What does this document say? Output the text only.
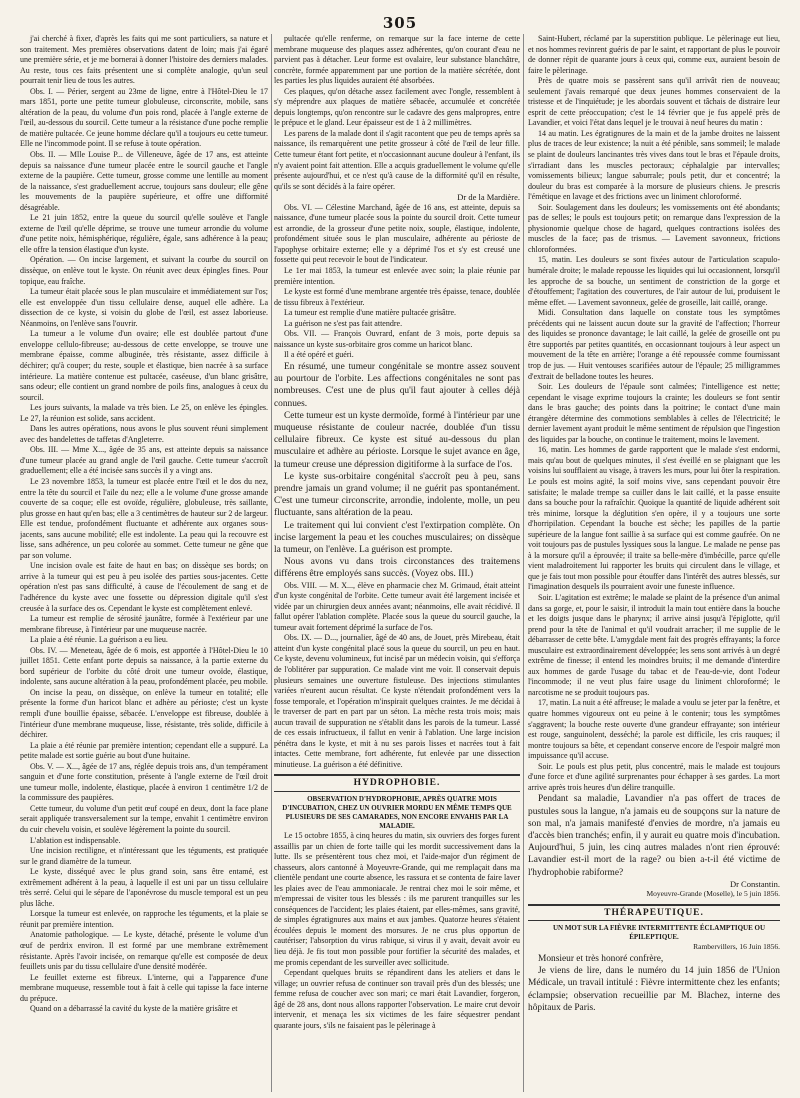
305

j'ai cherché à fixer, d'après les faits qui me sont particuliers, sa nature et son traitement. Mes premières observations datent de loin; mais j'ai égaré une première série, et je me bornerai à donner l'histoire des derniers malades. Au reste, tous ces faits présentent une si complète analogie, qu'un seul pourrait tenir lieu de tous les autres.

Obs. I. — Périer, sergent au 23me de ligne, entre à l'Hôtel-Dieu le 17 mars 1851, porte une petite tumeur globuleuse, circonscrite, mobile, sans altération de la peau, du volume d'un pois rond, placée à l'angle externe de l'œil, au-dessous du sourcil. Cette tumeur a la résistance d'une poche remplie de matière pultacée. Ce jeune homme déclare qu'il a toujours eu cette tumeur. Elle ne l'incommode point. Il se refuse à toute opération.

Obs. II. — Mlle Louise P... de Villeneuve, âgée de 17 ans, est atteinte depuis sa naissance d'une tumeur placée entre le sourcil gauche et l'angle externe de la paupière. Cette tumeur, grosse comme une lentille au moment de la naissance, s'est graduellement accrue, toujours sans douleur; elle gêne les mouvements de la paupière supérieure, et offre une difformité désagréable.

Le 21 juin 1852, entre la queue du sourcil qu'elle soulève et l'angle externe de l'œil qu'elle déprime, se trouve une tumeur arrondie du volume d'une petite noix, hémisphérique, régulière, égale, sans adhérence à la peau; elle offre la tension élastique d'un kyste.

Opération. — On incise largement, et suivant la courbe du sourcil on dissèque, on enlève tout le kyste. On réunit avec deux épingles fines. Pour topique, eau fraîche.

La tumeur était placée sous le plan musculaire et immédiatement sur l'os; elle est enveloppée d'un tissu cellulaire dense, auquel elle adhère. La dissection de ce kyste, si voisin du globe de l'œil, est assez laborieuse. Néanmoins, on l'enlève sans l'ouvrir.

La tumeur a le volume d'un ovaire; elle est doublée partout d'une enveloppe cellulo-fibreuse; au-dessous de cette enveloppe, se trouve une membrane épaisse, comme albuginée, très résistante, assez difficile à déchirer; qu'à couper; du reste, souple et élastique, bien nacrée à sa surface intérieure. La matière contenue est pultacée, caséeuse, d'un blanc grisâtre, sans odeur; elle contient un grand nombre de poils fins, analogues à ceux du sourcil.

Les jours suivants, la malade va très bien. Le 25, on enlève les épingles. Le 27, la réunion est solide, sans accident.

Dans les autres opérations, nous avons le plus souvent réuni simplement avec des bandelettes de taffetas d'Angleterre.

Obs. III. — Mme X..., âgée de 35 ans, est atteinte depuis sa naissance d'une tumeur placée au grand angle de l'œil gauche. Cette tumeur s'accroît graduellement; elle a été incisée sans succès il y a vingt ans.

Le 23 novembre 1853, la tumeur est placée entre l'œil et le dos du nez, entre la tête du sourcil et l'aile du nez; elle a le volume d'une grosse amande couverte de sa coque; elle est ovoïde, régulière, globuleuse, très saillante, plus grosse en haut qu'en bas; elle a 3 centimètres de hauteur sur 2 de largeur. Elle est tendue, profondément fluctuante et adhérente aux organes sous-jacents, sans aucune mobilité; elle est indolente. La peau qui la recouvre est lisse, sans adhérence, un peu colorée au sommet. Cette tumeur ne gêne que par son volume.

Une incision ovale est faite de haut en bas; on dissèque ses bords; on arrive à la tumeur qui est peu à peu isolée des parties sous-jacentes. Cette opération n'est pas sans difficulté, à cause de l'écoulement de sang et de l'adhérence du kyste avec une fossette ou dépression digitale qu'il s'est creusée à la surface des os. Cependant le kyste est complètement enlevé.

La tumeur est remplie de sérosité jaunâtre, formée à l'extérieur par une membrane fibreuse, à l'intérieur par une muqueuse nacrée.

La plaie a été réunie. La guérison a eu lieu.

Obs. IV. — Meneteau, âgée de 6 mois, est apportée à l'Hôtel-Dieu le 10 juillet 1851. Cette enfant porte depuis sa naissance, à la partie externe du bord supérieur de l'orbite du côté droit une tumeur ovoïde, élastique, indolente, sans aucune altération à la peau, profondément placée, peu mobile.

On incise la peau, on dissèque, on enlève la tumeur en totalité; elle présente la forme d'un haricot blanc et adhère au périoste; c'est un kyste rempli d'une bouillie épaisse, sébacée. L'enveloppe est fibreuse, doublée à l'intérieur d'une membrane muqueuse, lisse, résistante, très solide, difficile à déchirer.

La plaie a été réunie par première intention; cependant elle a suppuré. La petite malade est sortie guérie au bout d'une huitaine.

Obs. V. — X..., âgée de 17 ans, réglée depuis trois ans, d'un tempérament sanguin et d'une forte constitution, présente à l'angle externe de l'œil droit une tumeur molle, indolente, élastique, placée à environ 1 centimètre 1/2 de la commissure des paupières.

Cette tumeur, du volume d'un petit œuf coupé en deux, dont la face plane serait appliquée transversalement sur la tempe, envahit 1 centimètre environ du cuir chevelu voisin, et soulève légèrement la pointe du sourcil.

L'ablation est indispensable.

Une incision rectiligne, et n'intéressant que les téguments, est pratiquée sur le grand diamètre de la tumeur.

Le kyste, disséqué avec le plus grand soin, sans être entamé, est extrêmement adhérent à la peau, à laquelle il est uni par un tissu cellulaire très serré. Celui qui le sépare de l'aponévrose du muscle temporal est un peu plus lâche.

Lorsque la tumeur est enlevée, on rapproche les téguments, et la plaie se réunit par première intention.

Anatomie pathologique. — Le kyste, détaché, présente le volume d'un œuf de perdrix environ. Il est formé par une membrane extrêmement résistante. Après l'avoir incisée, on remarque qu'elle est composée de deux feuillets unis par du tissu cellulaire d'une densité modérée.

Le feuillet externe est fibreux. L'interne, qui a l'apparence d'une membrane muqueuse, ressemble tout à fait à celle qui tapisse la face interne du prépuce.

Quand on a débarrassé la cavité du kyste de la matière grisâtre et

pultacée qu'elle renferme, on remarque sur la face interne de cette membrane muqueuse des plaques assez adhérentes, qu'on courant d'eau ne parvient pas à détacher. Leur forme est ovalaire, leur substance blanchâtre, concrète, formée apparemment par une portion de la matière sécrétée, dont les parties les plus liquides auraient été absorbées.

Ces plaques, qu'on détache assez facilement avec l'ongle, ressemblent à s'y méprendre aux plaques de matière sébacée, accumulée et concrétée depuis longtemps, qu'on rencontre sur le cadavre des gens malpropres, entre le prépuce et le gland. Leur épaisseur est de 1 à 2 millimètres.

Les parens de la malade dont il s'agit racontent que peu de temps après sa naissance, ils remarquèrent une petite grosseur à côté de l'œil de leur fille. Cette tumeur étant fort petite, et n'occasionnant aucune douleur à l'enfant, ils n'y avaient point fait attention. Elle a acquis graduellement le volume qu'elle présente aujourd'hui, et ce n'est qu'à cause de la difformité qu'il en résulte, qu'ils se sont décidés à la faire opérer.

Dr de la Mardière.

Obs. VI. — Célestine Marchand, âgée de 16 ans, est atteinte, depuis sa naissance, d'une tumeur placée sous la pointe du sourcil droit. Cette tumeur est arrondie, de la grosseur d'une petite noix, souple, élastique, indolente, profondément située sous le plan musculaire, adhérente au périoste de l'apophyse orbitaire externe; elle y a déprimé l'os et s'y est creusé une fossette qui peut recevoir le bout de l'indicateur.

Le 1er mai 1853, la tumeur est enlevée avec soin; la plaie réunie par première intention.

Le kyste est formé d'une membrane argentée très épaisse, tenace, doublée de tissu fibreux à l'extérieur.

La tumeur est remplie d'une matière pultacée grisâtre.

La guérison ne s'est pas fait attendre.

Obs. VII. — François Ouvrard, enfant de 3 mois, porte depuis sa naissance un kyste sus-orbitaire gros comme un haricot blanc.

Il a été opéré et guéri.

En résumé, une tumeur congénitale se montre assez souvent au pourtour de l'orbite. Les affections congénitales ne sont pas nombreuses. C'est une de plus qu'il faut ajouter à celles déjà connues.

Cette tumeur est un kyste dermoïde, formé à l'intérieur par une muqueuse résistante de couleur nacrée, doublée d'un tissu cellulaire fibreux. Ce kyste est situé au-dessous du plan musculaire et adhère au périoste. Lorsque le sujet avance en âge, la tumeur creuse une dépression digitiforme à la surface de l'os.

Le kyste sus-orbitaire congénital s'accroît peu à peu, sans prendre jamais un grand volume; il ne guérit pas spontanément. C'est une tumeur circonscrite, arrondie, indolente, molle, un peu fluctuante, sans altération de la peau.

Le traitement qui lui convient c'est l'extirpation complète. On incise largement la peau et les couches musculaires; on dissèque la tumeur, on l'enlève. La guérison est prompte.

Nous avons vu dans trois circonstances des traitemens différens être employés sans succès. (Voyez obs. III.)

Obs. VIII. — M. X..., élève en pharmacie chez M. Grimaud, était atteint d'un kyste congénital de l'orbite. Cette tumeur avait été largement incisée et vidée par un chirurgien deux années avant; néanmoins, elle avait récidivé. Il fallut opérer l'ablation complète. Placée sous la queue du sourcil gauche, la tumeur avait fortement déprimé la surface de l'os.

Obs. IX. — D..., journalier, âgé de 40 ans, de Jouet, près Mirebeau, était atteint d'un kyste congénital placé sous la queue du sourcil, un peu en haut. Ce kyste, devenu volumineux, fut incisé par un médecin voisin, qui s'efforça de l'oblitérer par suppuration. Ce malade vint me voir. Il conservait depuis plusieurs semaines une ouverture fistuleuse. Des injections stimulantes variées n'eurent aucun résultat. Ce kyste n'étendait profondément vers la fosse temporale, et l'opération m'inspirait quelques craintes. Je me décidai à le traverser de part en part par un séton. La mèche resta trois mois; mais aucun travail de suppuration ne s'établit dans les parois de la tumeur. Lassé de ces essais infructueux, il fallut en venir à l'ablation. Une large incision pénétra dans le kyste, et mit à nu ses parois lisses et nacrées tout à fait intactes. Cette membrane, fort adhérente, fut enlevée par une dissection minutieuse. La guérison a été définitive.

HYDROPHOBIE.

OBSERVATION D'HYDROPHOBIE, APRÈS QUATRE MOIS D'INCUBATION, CHEZ UN OUVRIER MORDU EN MÊME TEMPS QUE PLUSIEURS DE SES CAMARADES, NON ENCORE ENVAHIS PAR LA MALADIE.

Le 15 octobre 1855, à cinq heures du matin, six ouvriers des forges furent assaillis par un chien de forte taille qui les mordit successivement dans la lutte. Ils se présentèrent tous chez moi, et l'aide-major d'un régiment de chasseurs, alors cantonné à Moyeuvre-Grande, qui me remplaçait dans ma clientèle pendant une courte absence, les rassura et se contenta de faire laver les plaies avec de l'eau ammoniacale. Je rentrai chez moi le soir même, et m'empressai de visiter tous les blessés : ils me parurent tranquilles sur les conséquences de l'accident; les plaies étaient, par elles-mêmes, sans gravité, de simples égratignures aux mains et aux jambes. Quatorze heures s'étaient écoulées depuis le moment des morsures. Je ne crus plus opportun de cautériser; l'absorption du virus rabique, si virus il y avait, devait avoir eu lieu déjà. Je fis tout mon possible pour fortifier la sécurité des malades, et me promis cependant de les surveiller avec sollicitude.

Cependant quelques bruits se répandirent dans les ateliers et dans le village; un ouvrier refusa de continuer son travail près d'un des blessés; une femme refusa de coucher avec son mari; ce mari était Lavandier, forgeron, âgé de 28 ans, dont nous allons rapporter l'observation. Le maire crut devoir intervenir, et menaça les six victimes de les faire séquestrer pendant quarante jours, s'ils ne faisaient pas le pèlerinage à

Saint-Hubert, réclamé par la superstition publique. Le pèlerinage eut lieu, et nos hommes revinrent guéris de par le saint, et rapportant de plus le pouvoir de donner répit de quarante jours à ceux qui, comme eux, auraient besoin de faire le pèlerinage.

Près de quatre mois se passèrent sans qu'il arrivât rien de nouveau; seulement j'avais remarqué que deux jeunes hommes conservaient de la tristesse et de l'inquiétude; je les abordais souvent et tâchais de distraire leur esprit de cette préoccupation; c'est le 14 février que je fus appelé près de Lavandier, et voici l'état dans lequel je le trouvai à neuf heures du matin :

14 au matin. Les égratignures de la main et de la jambe droites ne laissent plus de traces de leur existence; la nuit a été pénible, sans sommeil; le malade se plaint de douleurs lancinantes très vives dans tout le bras et l'épaule droits, s'irradiant dans les muscles pectoraux; céphalalgie par intervalles; vomissements bilieux; langue saburrale; pouls petit, dur et concentré; la douleur du bras est comparée à la morsure de plusieurs chiens. Je prescris l'émétique en lavage et des frictions avec un liniment chloroformé.

Soir. Soulagement dans les douleurs; les vomissements ont été abondants; pas de selles; le pouls est toujours petit; on remarque dans l'expression de la physionomie quelque chose de hagard, quelques contractions isolées des muscles de la face; pas de trismus. — Lavement savonneux, frictions chloroformées.

15, matin. Les douleurs se sont fixées autour de l'articulation scapulo-humérale droite; le malade repousse les liquides qui lui occasionnent, lorsqu'il les approche de sa bouche, un sentiment de constriction de la gorge et d'étouffement; l'agitation des couvertures, de l'air autour de lui, produisent le même effet. — Lavement savonneux, gelée de groseille, lait caillé, orange.

Midi. Consultation dans laquelle on constate tous les symptômes précédents qui ne laissent aucun doute sur la gravité de l'affection; l'horreur des liquides se prononce davantage; le lait caillé, la gelée de groseille ont pu être supportés par petites quantités, en occasionnant toujours à leur aspect un mouvement de la tête en arrière; l'orange a été repoussée comme fournissant trop de jus. — Huit ventouses scarifiées autour de l'épaule; 25 milligrammes d'extrait de belladone toutes les heures.

Soir. Les douleurs de l'épaule sont calmées; l'intelligence est nette; cependant le visage exprime toujours la crainte; les douleurs se font sentir dans le bras gauche; des points dans la poitrine; le contact d'une main étrangère détermine des commotions semblables à celles de l'électricité; le dernier lavement ayant produit le même sentiment de répulsion que l'ingestion des liquides par la bouche, on continue le traitement, moins le lavement.

16, matin. Les hommes de garde rapportent que le malade s'est endormi, mais qu'au bout de quelques minutes, il s'est éveillé en se plaignant que les voisins lui soufflaient au visage, à travers les murs, pour lui ôter la respiration. Le pouls est moins agité, la soif moins vive, sans cependant pouvoir être satisfaite; le malade trempe sa cuiller dans le lait caillé, et la passe ensuite dans sa bouche pour la rafraîchir. Quoique la quantité de liquide adhérent soit très minime, lorsque la déglutition s'en opère, il y a toujours une sorte d'horripilation. Cependant la bouche est sèche; les papilles de la partie supérieure de la langue font saillie à sa surface qui est comme gaufrée. On ne voit toujours pas de pustules lyssiques sous la langue. Le malade ne pense pas à la morsure qu'il a éprouvée; il traite sa belle-mère d'imbécille, parce qu'elle vient maladroitement lui rapporter les bruits qui circulent dans le village, et que je fais tout mon possible pour étouffer dans l'intérêt des autres blessés, sur l'imagination desquels ils pourraient avoir une funeste influence.

Soir. L'agitation est extrême; le malade se plaint de la présence d'un animal dans sa gorge, et, pour le saisir, il introduit la main tout entière dans la bouche et les doigts jusque dans le pharynx; il arrive ainsi jusqu'à l'épiglotte, qu'il prend pour la tête de l'animal et qu'il voudrait arracher; il me supplie de le débarrasser de cette bête. L'amygdale ment fait des progrès effrayants; la force musculaire est extraordinairement développée; les sens sont arrivés à un degré extrême de finesse; il entend les moindres bruits; il me demande d'interdire aux hommes de garde l'usage du tabac et de l'eau-de-vie, dont l'odeur l'incommode; il ne veut plus faire usage du liniment chloroformé; le narcotisme ne se produit toujours pas.

17, matin. La nuit a été affreuse; le malade a voulu se jeter par la fenêtre, et quatre hommes vigoureux ont eu peine à le contenir; tous les symptômes s'aggravent; la bouche reste ouverte d'une grandeur effrayante; son intérieur est rouge, sanguinolent, desséché; la parole est difficile, les cris rauques; il montre toujours sa bête, et cependant conserve encore de l'espoir malgré mon impuissance qu'il accuse.

Soir. Le pouls est plus petit, plus concentré, mais le malade est toujours d'une force et d'une agilité surprenantes pour échapper à ses gardes. La mort arrive après trois heures d'un délire tranquille.

Pendant sa maladie, Lavandier n'a pas offert de traces de pustules sous la langue, n'a jamais eu de soupçons sur la nature de son mal, n'a jamais manifesté d'envies de mordre, n'a jamais eu d'accès bien tranchés; enfin, il y aurait eu quatre mois d'incubation. Aujourd'hui, 5 juin, les cinq autres malades n'ont rien éprouvé: Lavandier est-il mort de la rage? ou bien a-t-il été victime de l'hydrophobie rabiforme?

Dr Constantin.

Moyeuvre-Grande (Moselle), le 5 juin 1856.

THÉRAPEUTIQUE.

UN MOT SUR LA FIÈVRE INTERMITTENTE ÉCLAMPTIQUE OU ÉPILEPTIQUE.

Rambervillers, 16 Juin 1856.

Monsieur et très honoré confrère,

Je viens de lire, dans le numéro du 14 juin 1856 de l'Union Médicale, un travail intitulé : Fièvre intermittente chez les enfants; éclampsie; observation recueillie par M. Blachez, interne des hôpitaux de Paris.
